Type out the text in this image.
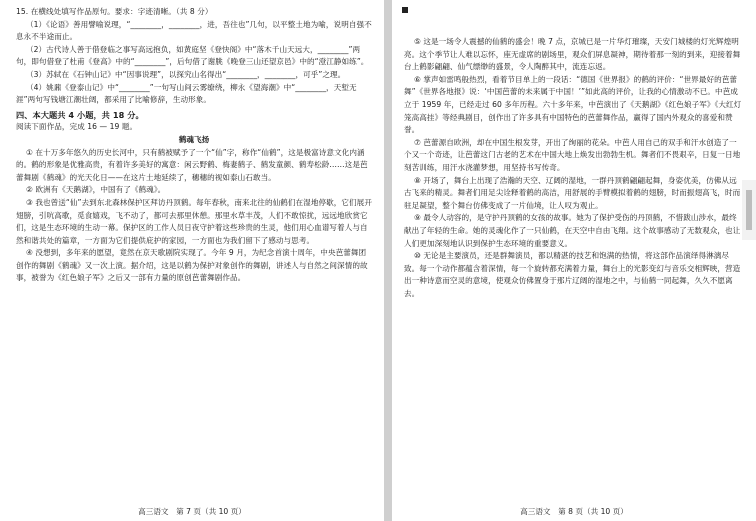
15. 在横线处填写作品原句。要求：字迹清晰。（共 8 分）

（1）《论语》善用譬喻说理，“________，________，进，吾往也”几句，以平整土地为喻，说明自强不息永不半途而止。

（2）古代诗人善于借登临之事写高远抱负，如黄庭坚《登快阁》中“落木千山天远大，________”两句，即句借登了杜甫《登高》中的“________”，后句借了谢朓《晚登三山还望京邑》中的“澄江静如练”。

（3）苏轼在《石钟山记》中“因事说理”，以探究山名得出“________，________，可乎”之理。

（4）姚鼐《登泰山记》中“________”一句写山间云雾缭绕，柳永《望海潮》中“________，天堑无涯”两句写钱塘江潮壮阔，都采用了比喻修辞，生动形象。

四、本大题共 4 小题，共 18 分。

阅读下面作品，完成 16 — 19 题。

鹤魂飞扬

① 在十万多年悠久的历史长河中，只有鹤被赋予了一个“仙”字，称作“仙鹤”，这是极富诗意文化内涵的。鹤的形象是优雅高贵，有着许多美好的寓意：闲云野鹤、梅妻鹤子、鹤发童颜、鹤寿松龄……这是芭蕾舞剧《鹤魂》的光天化日——在这片土地延续了，穗穗的视如泰山石敢当。

② 欧洲有《天鹅湖》，中国有了《鹤魂》。

③ 我也曾送“仙”去到东北森林保护区拜访丹顶鹤。每年春秋，南来北往的仙鹤们在湿地停歇，它们展开翅膀，引吭高歌，觅食嬉戏，飞不动了，都可去那里休憩。那里水草丰茂，人们不敢惊扰，远远地欣赏它们，这是生态环境的生动一幕。保护区的工作人员日夜守护着这些珍贵的生灵，他们用心血谱写着人与自然和谐共处的篇章，一方面为它们提供庇护的家园，一方面也为我们留下了感动与思考。

④ 没想到，多年来的愿望，竟然在京天歌剧院实现了。今年 9 月，为纪念首演十周年，中央芭蕾舞团创作的舞剧《鹤魂》又一次上演。据介绍，这是以鹤为保护对象创作的舞剧，讲述人与自然之间深情的故事，被誉为《红色娘子军》之后又一部有力量的原创芭蕾舞剧作品。

高三语文　第 7 页（共 10 页）

⑤ 这是一场令人震撼的仙鹤的盛会！晚 7 点，京城已是一片华灯璀璨，天安门城楼的灯光辉煌明亮。这个季节让人难以忘怀，座无虚席的剧场里，观众们屏息凝神，期待着那一刻的到来，迎接着舞台上鹤影翩翩、仙气缥缈的盛景，令人陶醉其中，流连忘返。

⑥ 掌声如雷鸣般热烈，看着节目单上的一段话：“德国《世界报》的鹤的评价：“世界最好的芭蕾舞”《世界各地报》说：‘中国芭蕾的未来属于中国！’”如此高的评价，让我的心情激动不已。中芭成立于 1959 年，已经走过 60 多年历程。六十多年来，中芭演出了《天鹅湖》《红色娘子军》《大红灯笼高高挂》等经典剧目，创作出了许多具有中国特色的芭蕾舞作品，赢得了国内外观众的喜爱和赞誉。

⑦ 芭蕾源自欧洲，却在中国生根发芽，开出了绚丽的花朵。中芭人用自己的双手和汗水创造了一个又一个奇迹，让芭蕾这门古老的艺术在中国大地上焕发出勃勃生机。舞者们不畏艰辛，日复一日地刻苦训练，用汗水浇灌梦想，用坚持书写传奇。

⑧ 开场了，舞台上出现了浩瀚的天空、辽阔的湿地，一群丹顶鹤翩翩起舞，身姿优美，仿佛从远古飞来的精灵。舞者们用足尖诠释着鹤的高洁，用舒展的手臂模拟着鹤的翅膀，时而振翅高飞，时而驻足凝望，整个舞台仿佛变成了一片仙境，让人叹为观止。

⑨ 最令人动容的，是守护丹顶鹤的女孩的故事。她为了保护受伤的丹顶鹤，不惜跋山涉水，最终献出了年轻的生命。她的灵魂化作了一只仙鹤，在天空中自由飞翔。这个故事感动了无数观众，也让人们更加深刻地认识到保护生态环境的重要意义。

⑩ 无论是主要演员，还是群舞演员，都以精湛的技艺和饱满的热情，将这部作品演绎得淋漓尽致。每一个动作都蕴含着深情，每一个旋转都充满着力量，舞台上的光影变幻与音乐交相辉映，营造出一种诗意而空灵的意境，使观众仿佛置身于那片辽阔的湿地之中，与仙鹤一同起舞，久久不愿离去。

高三语文　第 8 页（共 10 页）
